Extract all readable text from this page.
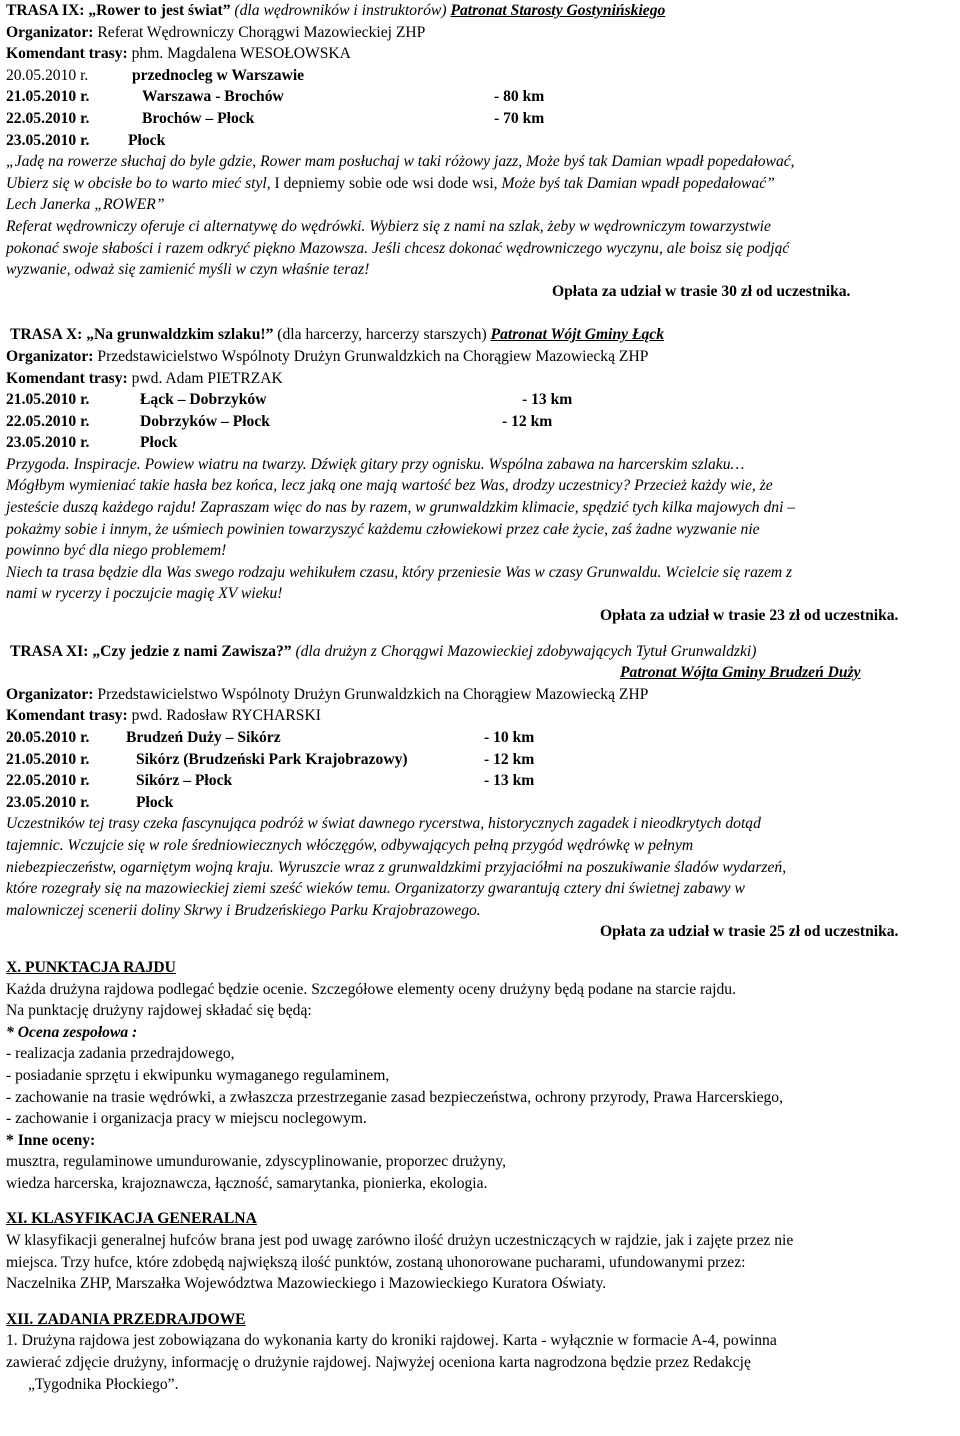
TRASA IX: „Rower to jest świat” (dla wędrowników i instruktorów) Patronat Starosty Gostynińskiego
Organizator: Referat Wędrowniczy Chorągwi Mazowieckiej ZHP
Komendant trasy: phm. Magdalena WESOŁOWSKA
20.05.2010 r.	przednocleg w Warszawie
21.05.2010 r.	Warszawa - Brochów	- 80 km
22.05.2010 r.	Brochów – Płock	- 70 km
23.05.2010 r.	Płock
„Jadę na rowerze słuchaj do byle gdzie, Rower mam posłuchaj w taki różowy jazz, Może byś tak Damian wpadł popedałować,
Ubierz się w obcisłe bo to warto mieć styl, I depniemy sobie ode wsi dode wsi, Może byś tak Damian wpadł popedałować”
Lech Janerka „ROWER”
Referat wędrowniczy oferuje ci alternatywę do wędrówki. Wybierz się z nami na szlak, żeby w wędrowniczym towarzystwie
pokonać swoje słabości i razem odkryć piękno Mazowsza. Jeśli chcesz dokonać wędrowniczego wyczynu, ale boisz się podjąć
wyzwanie, odważ się zamienić myśli w czyn właśnie teraz!
Opłata za udział w trasie 30 zł od uczestnika.
TRASA X: „Na grunwaldzkim szlaku!” (dla harcerzy, harcerzy starszych) Patronat Wójt Gminy Łąck
Organizator: Przedstawicielstwo Wspólnoty Drużyn Grunwaldzkich na Chorągiew Mazowiecką ZHP
Komendant trasy: pwd. Adam PIETRZAK
21.05.2010 r.	Łąck – Dobrzyków	- 13 km
22.05.2010 r.	Dobrzyków – Płock	- 12 km
23.05.2010 r.	Płock
Przygoda. Inspiracje. Powiew wiatru na twarzy. Dźwięk gitary przy ognisku. Wspólna zabawa na harcerskim szlaku…
Mógłbym wymieniać takie hasła bez końca, lecz jaką one mają wartość bez Was, drodzy uczestnicy? Przecież każdy wie, że
jesteście duszą każdego rajdu! Zapraszam więc do nas by razem, w grunwaldzkim klimacie, spędzić tych kilka majowych dni –
pokażmy sobie i innym, że uśmiech powinien towarzyszyć każdemu człowiekowi przez całe życie, zaś żadne wyzwanie nie
powinno być dla niego problemem!
Niech ta trasa będzie dla Was swego rodzaju wehikułem czasu, który przeniesie Was w czasy Grunwaldu. Wcielcie się razem z
nami w rycerzy i poczujcie magię XV wieku!
Opłata za udział w trasie 23 zł od uczestnika.
TRASA XI: „Czy jedzie z nami Zawisza?” (dla drużyn z Chorągwi Mazowieckiej zdobywających Tytuł Grunwaldzki)
Patronat Wójta Gminy Brudzeń Duży
Organizator: Przedstawicielstwo Wspólnoty Drużyn Grunwaldzkich na Chorągiew Mazowiecką ZHP
Komendant trasy: pwd. Radosław RYCHARSKI
20.05.2010 r.	Brudzeń Duży – Sikórz	- 10 km
21.05.2010 r.	Sikórz (Brudzeński Park Krajobrazowy)	- 12 km
22.05.2010 r.	Sikórz – Płock	- 13 km
23.05.2010 r.	Płock
Uczestników tej trasy czeka fascynująca podróż w świat dawnego rycerstwa, historycznych zagadek i nieodkrytych dotąd
tajemnic. Wczujcie się w role średniowiecznych włóczęgów, odbywających pełną przygód wędrówkę w pełnym
niebezpieczeństw, ogarniętym wojną kraju. Wyruszcie wraz z grunwaldzkimi przyjaciółmi na poszukiwanie śladów wydarzeń,
które rozegrały się na mazowieckiej ziemi sześć wieków temu. Organizatorzy gwarantują cztery dni świetnej zabawy w
malowniczej scenerii doliny Skrwy i Brudzeńskiego Parku Krajobrazowego.
Opłata za udział w trasie 25 zł od uczestnika.
X. PUNKTACJA RAJDU
Każda drużyna rajdowa podlegać będzie ocenie. Szczegółowe elementy oceny drużyny będą podane na starcie rajdu.
Na punktację drużyny rajdowej składać się będą:
* Ocena zespołowa :
- realizacja zadania przedrajdowego,
- posiadanie sprzętu i ekwipunku wymaganego regulaminem,
- zachowanie na trasie wędrówki, a zwłaszcza przestrzeganie zasad bezpieczeństwa, ochrony przyrody, Prawa Harcerskiego,
- zachowanie i organizacja pracy w miejscu noclegowym.
* Inne oceny:
musztra, regulaminowe umundurowanie, zdyscyplinowanie, proporzec drużyny,
wiedza harcerska, krajoznawcza, łączność, samarytanka, pionierka, ekologia.
XI. KLASYFIKACJA GENERALNA
W klasyfikacji generalnej hufców brana jest pod uwagę zarówno ilość drużyn uczestniczących w rajdzie, jak i zajęte przez nie
miejsca. Trzy hufce, które zdobędą największą ilość punktów, zostaną uhonorowane pucharami, ufundowanymi przez:
Naczelnika ZHP, Marszałka Województwa Mazowieckiego i Mazowieckiego Kuratora Oświaty.
XII. ZADANIA PRZEDRAJDOWE
1. Drużyna rajdowa jest zobowiązana do wykonania karty do kroniki rajdowej. Karta - wyłącznie w formacie A-4, powinna
zawierać zdjęcie drużyny, informację o drużynie rajdowej. Najwyżej oceniona karta nagrodzona będzie przez Redakcję
„Tygodnika Płockiego”.
